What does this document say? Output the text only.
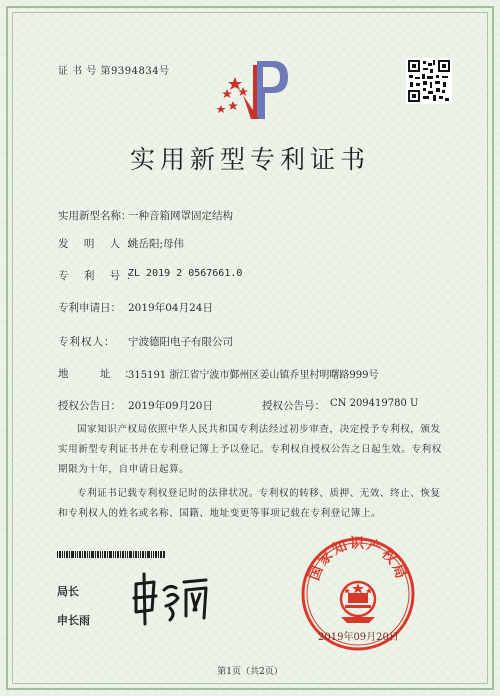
证 书 号 第9394834号
实用新型专利证书
实用新型名称：
一种音箱网罩固定结构
发 明 人：
姚岳阳;母伟
专 利 号：
ZL 2019 2 0567661.0
专利申请日： 2019年04月24日
专利权人： 宁波德阳电子有限公司
地 址：
315191 浙江省宁波市鄞州区姜山镇乔里村明曙路999号
授权公告日： 2019年09月20日	授权公告号： CN 209419780 U
国家知识产权局依照中华人民共和国专利法经过初步审查，决定授予专利权，颁发实用新型专利证书并在专利登记簿上予以登记。专利权自授权公告之日起生效。专利权期限为十年，自申请日起算。
专利证书记载专利权登记时的法律状况。专利权的转移、质押、无效、终止、恢复和专利权人的姓名或名称、国籍、地址变更等事项记载在专利登记簿上。
局长
申长雨
国家知识产权局
2019年09月20日
第1页（共2页）
